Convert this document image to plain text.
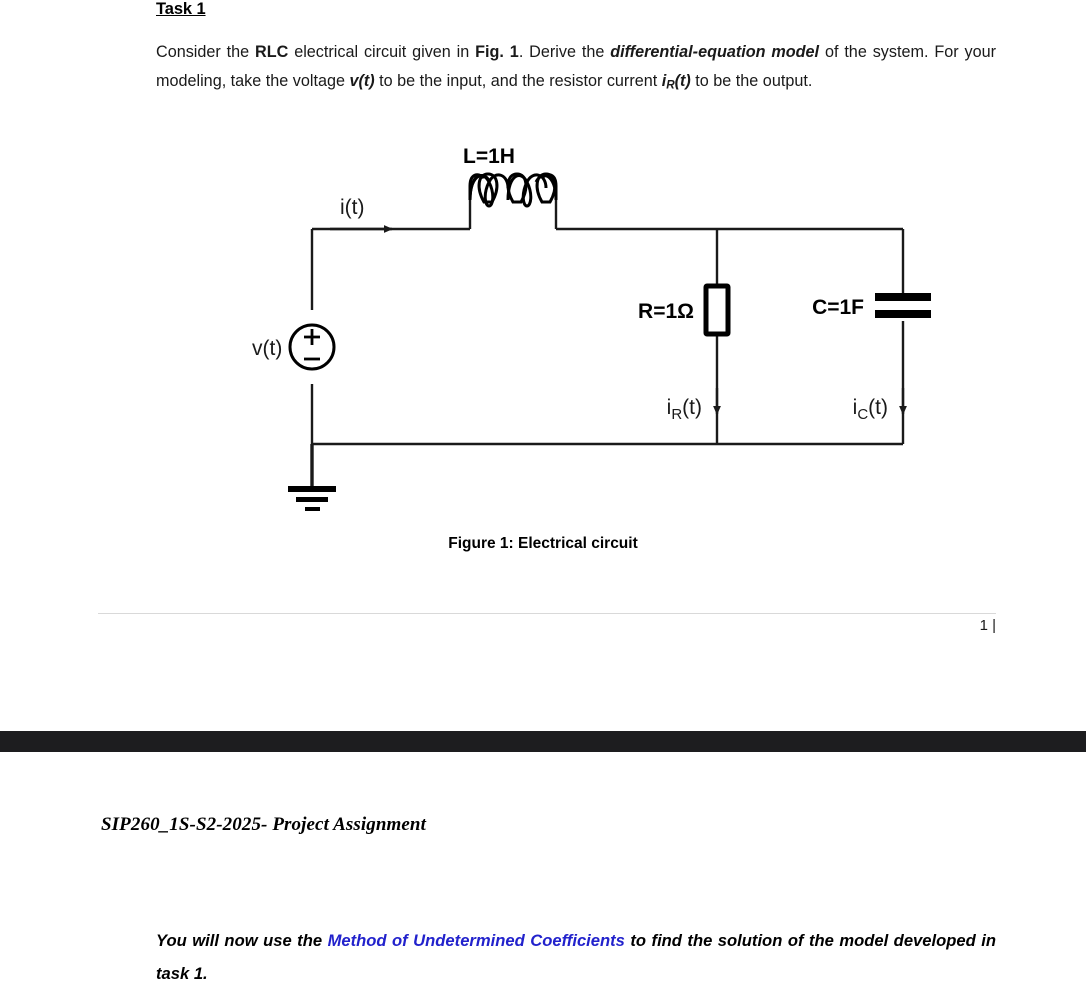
Task 1
Consider the RLC electrical circuit given in Fig. 1. Derive the differential-equation model of the system. For your modeling, take the voltage v(t) to be the input, and the resistor current $i_R(t)$ to be the output.
i(t)
v(t)
L=1H
R=1Ω
$i_R(t)$
C=1F
$i_C(t)$
Figure 1: Electrical circuit
1 |
SIP260_1S-S2-2025- Project Assignment
You will now use the Method of Undetermined Coefficients to find the solution of the model developed in task 1.
